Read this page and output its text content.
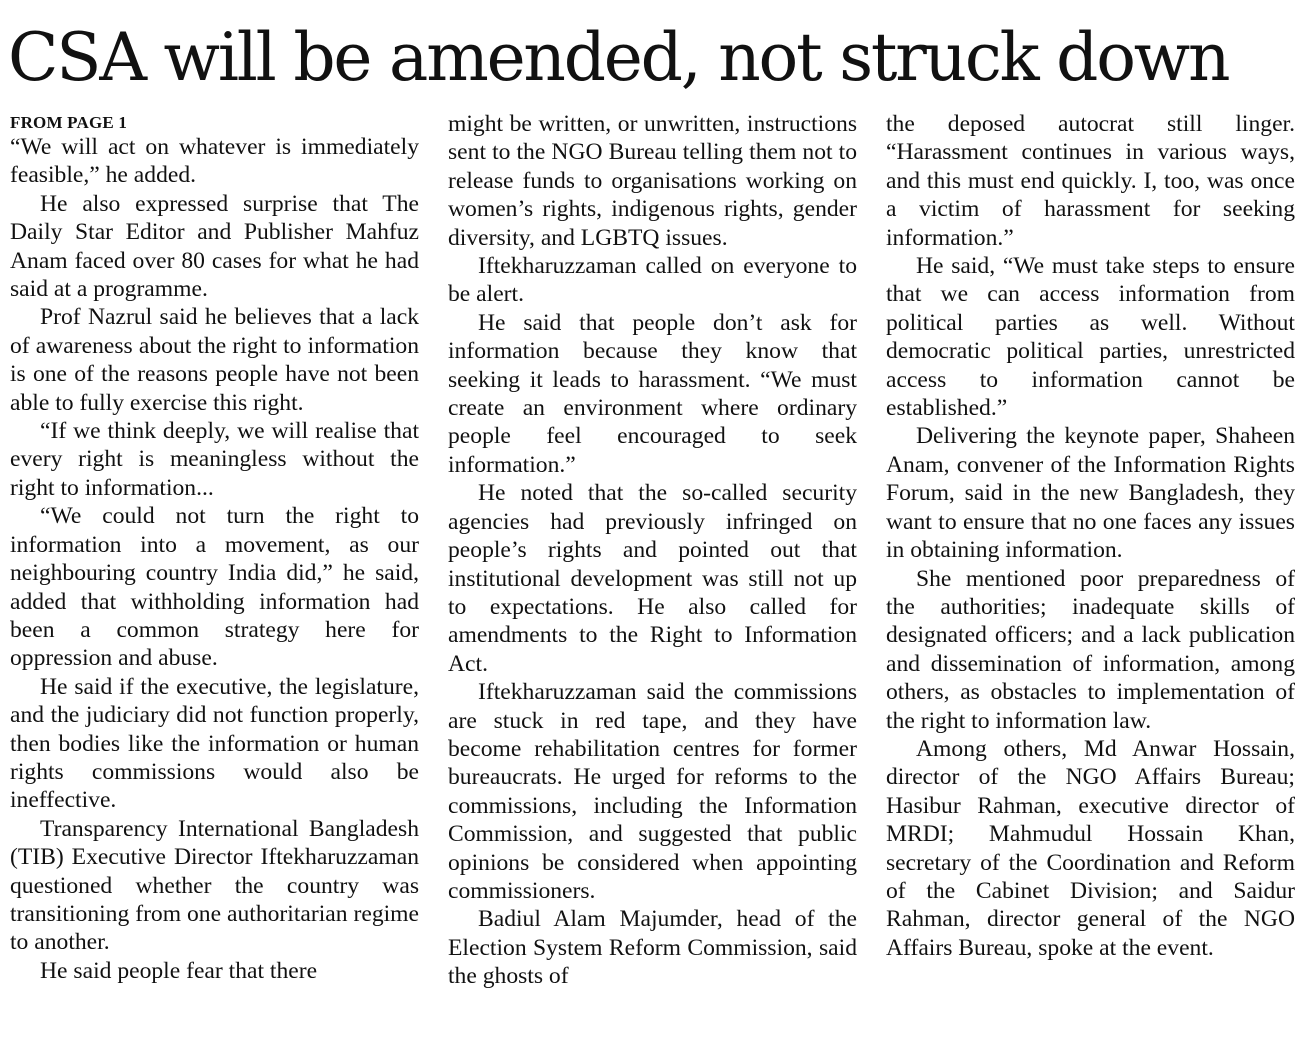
CSA will be amended, not struck down
FROM PAGE 1

“We will act on whatever is immediately feasible,” he added.

He also expressed surprise that The Daily Star Editor and Publisher Mahfuz Anam faced over 80 cases for what he had said at a programme.

Prof Nazrul said he believes that a lack of awareness about the right to information is one of the reasons people have not been able to fully exercise this right.

“If we think deeply, we will realise that every right is meaningless without the right to information...

“We could not turn the right to information into a movement, as our neighbouring country India did,” he said, added that withholding information had been a common strategy here for oppression and abuse.

He said if the executive, the legislature, and the judiciary did not function properly, then bodies like the information or human rights commissions would also be ineffective.

Transparency International Bangladesh (TIB) Executive Director Iftekharuzzaman questioned whether the country was transitioning from one authoritarian regime to another.

He said people fear that there

might be written, or unwritten, instructions sent to the NGO Bureau telling them not to release funds to organisations working on women’s rights, indigenous rights, gender diversity, and LGBTQ issues.

Iftekharuzzaman called on everyone to be alert.

He said that people don’t ask for information because they know that seeking it leads to harassment. “We must create an environment where ordinary people feel encouraged to seek information.”

He noted that the so-called security agencies had previously infringed on people’s rights and pointed out that institutional development was still not up to expectations. He also called for amendments to the Right to Information Act.

Iftekharuzzaman said the commissions are stuck in red tape, and they have become rehabilitation centres for former bureaucrats. He urged for reforms to the commissions, including the Information Commission, and suggested that public opinions be considered when appointing commissioners.

Badiul Alam Majumder, head of the Election System Reform Commission, said the ghosts of

the deposed autocrat still linger. “Harassment continues in various ways, and this must end quickly. I, too, was once a victim of harassment for seeking information.”

He said, “We must take steps to ensure that we can access information from political parties as well. Without democratic political parties, unrestricted access to information cannot be established.”

Delivering the keynote paper, Shaheen Anam, convener of the Information Rights Forum, said in the new Bangladesh, they want to ensure that no one faces any issues in obtaining information.

She mentioned poor preparedness of the authorities; inadequate skills of designated officers; and a lack publication and dissemination of information, among others, as obstacles to implementation of the right to information law.

Among others, Md Anwar Hossain, director of the NGO Affairs Bureau; Hasibur Rahman, executive director of MRDI; Mahmudul Hossain Khan, secretary of the Coordination and Reform of the Cabinet Division; and Saidur Rahman, director general of the NGO Affairs Bureau, spoke at the event.
